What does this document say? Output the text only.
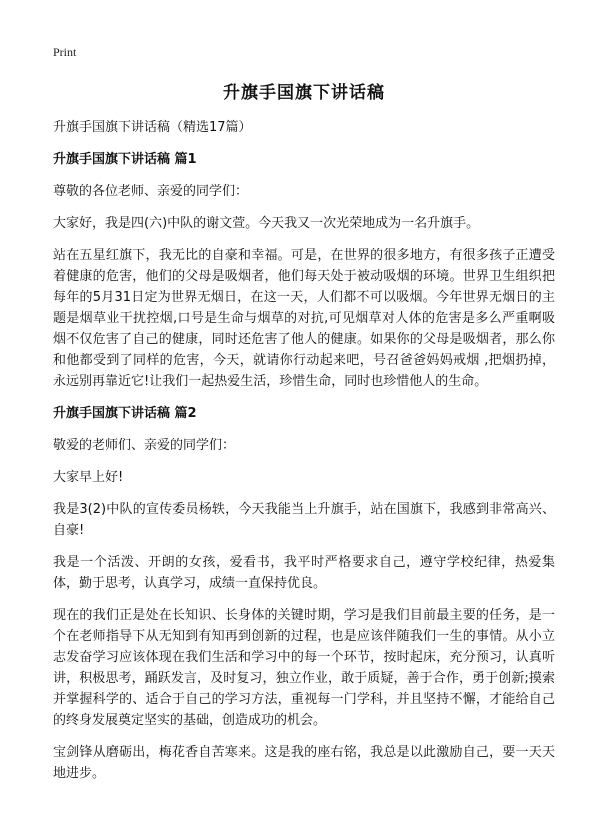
Print
升旗手国旗下讲话稿

升旗手国旗下讲话稿（精选17篇）

升旗手国旗下讲话稿 篇1

尊敬的各位老师、亲爱的同学们：

大家好，我是四(六)中队的谢文萱。今天我又一次光荣地成为一名升旗手。

站在五星红旗下，我无比的自豪和幸福。可是，在世界的很多地方，有很多孩子正遭受着健康的危害，他们的父母是吸烟者，他们每天处于被动吸烟的环境。世界卫生组织把每年的5月31日定为世界无烟日，在这一天，人们都不可以吸烟。今年世界无烟日的主题是烟草业干扰控烟,口号是生命与烟草的对抗,可见烟草对人体的危害是多么严重啊吸烟不仅危害了自己的健康，同时还危害了他人的健康。如果你的父母是吸烟者，那么你和他都受到了同样的危害，今天，就请你行动起来吧，号召爸爸妈妈戒烟 ,把烟扔掉，永远别再靠近它!让我们一起热爱生活，珍惜生命，同时也珍惜他人的生命。

升旗手国旗下讲话稿 篇2

敬爱的老师们、亲爱的同学们：

大家早上好!

我是3(2)中队的宣传委员杨轶，今天我能当上升旗手，站在国旗下，我感到非常高兴、自豪!

我是一个活泼、开朗的女孩，爱看书，我平时严格要求自己，遵守学校纪律，热爱集体，勤于思考，认真学习，成绩一直保持优良。

现在的我们正是处在长知识、长身体的关键时期，学习是我们目前最主要的任务，是一个在老师指导下从无知到有知再到创新的过程，也是应该伴随我们一生的事情。从小立志发奋学习应该体现在我们生活和学习中的每一个环节，按时起床，充分预习，认真听讲，积极思考，踊跃发言，及时复习，独立作业，敢于质疑，善于合作，勇于创新;摸索并掌握科学的、适合于自己的学习方法，重视每一门学科，并且坚持不懈，才能给自己的终身发展奠定坚实的基础，创造成功的机会。

宝剑锋从磨砺出，梅花香自苦寒来。这是我的座右铭，我总是以此激励自己，要一天天地进步。
